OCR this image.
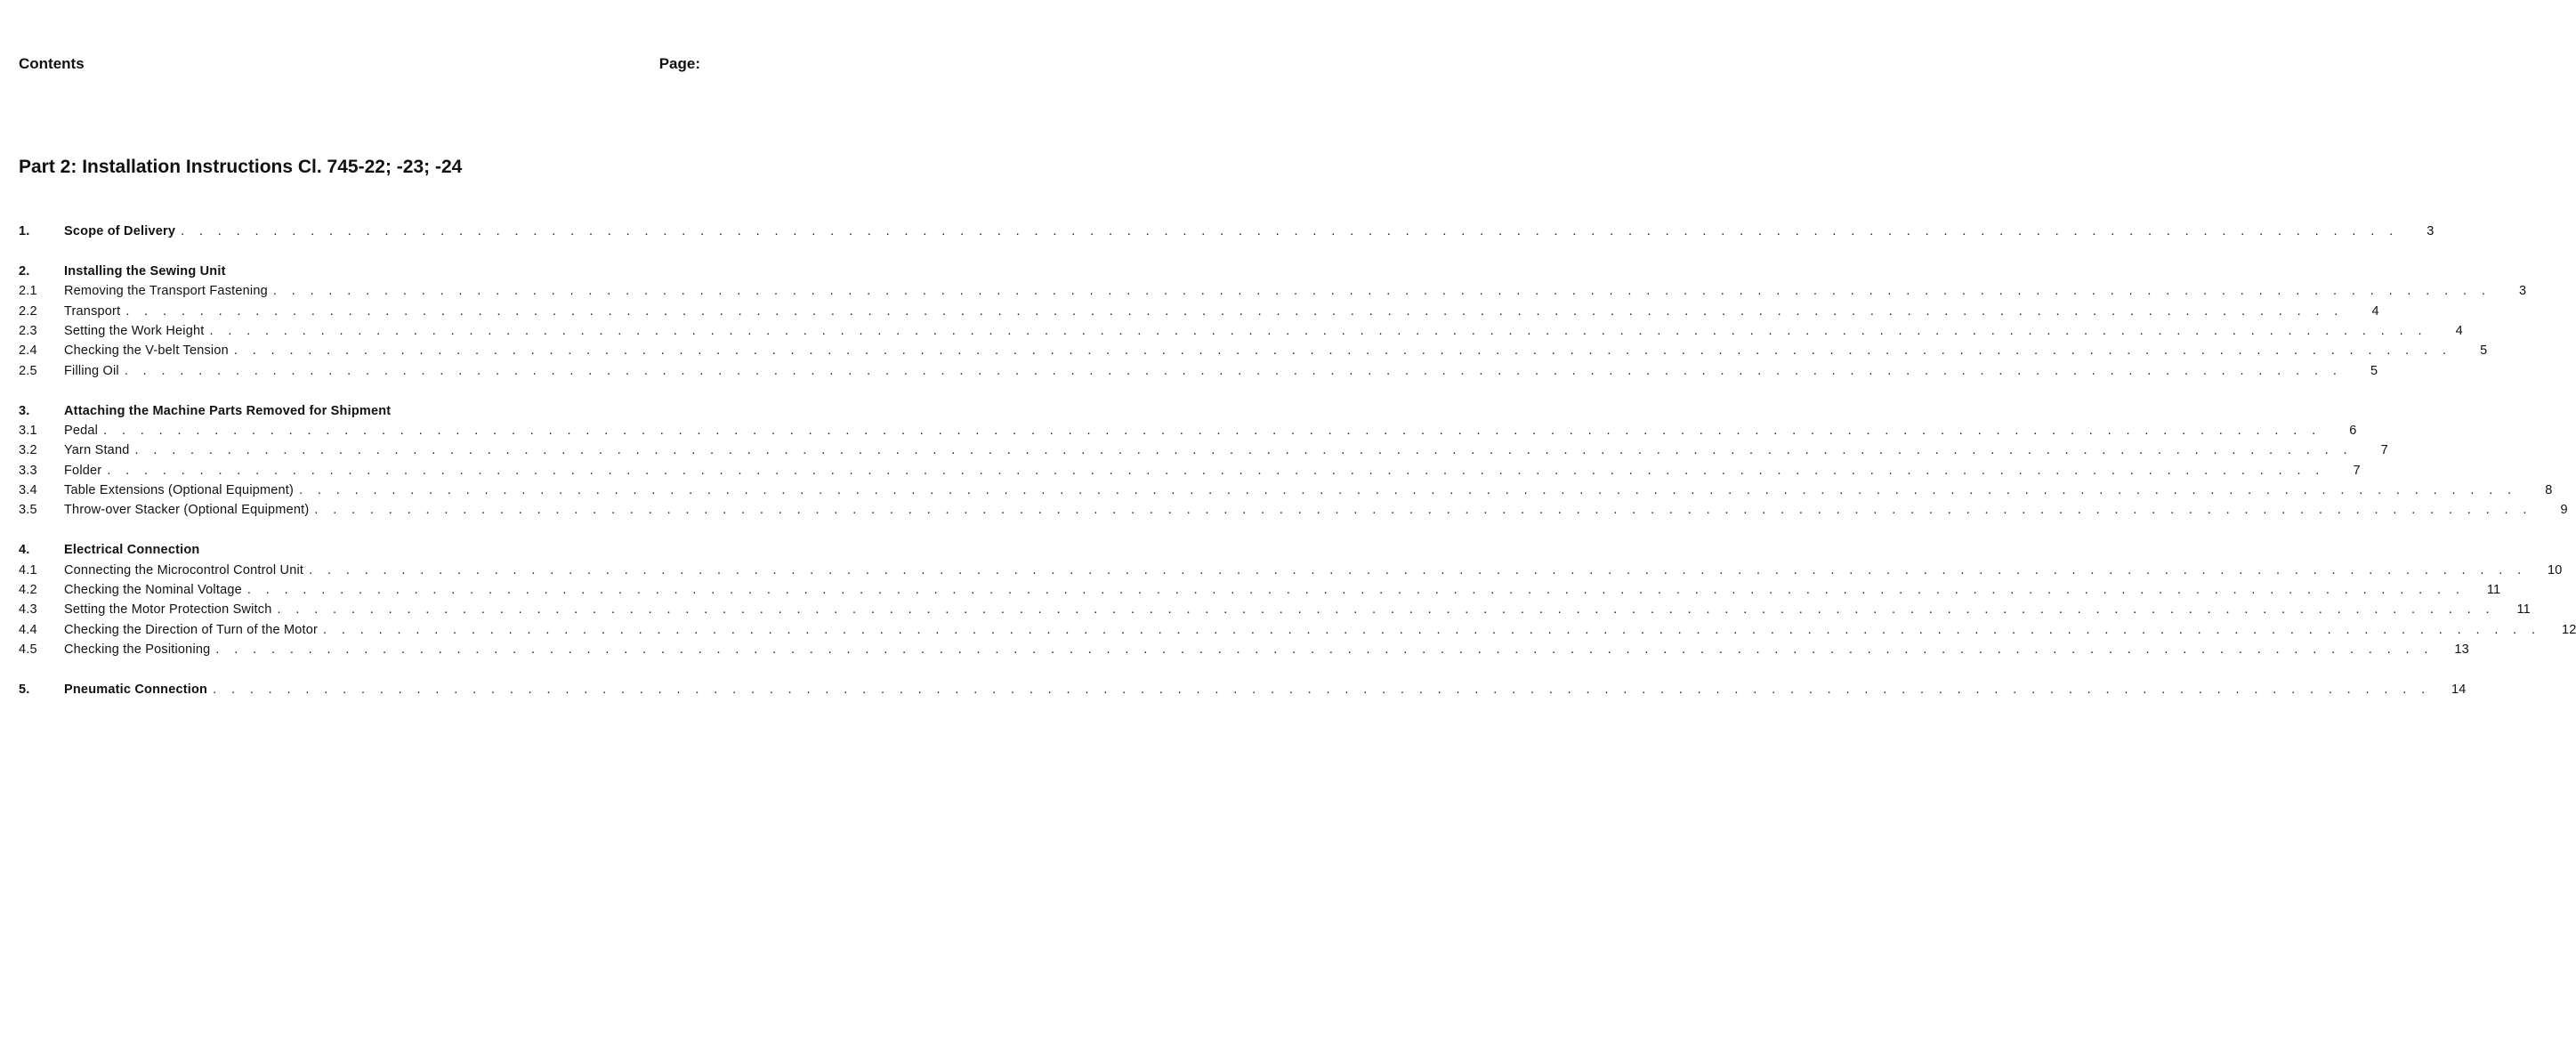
Contents	Page:
Part 2: Installation Instructions Cl. 745-22; -23; -24
1.	Scope of Delivery . . . . . . . . . . . . . . . . . . . . . . . . . . . . . . . . . . . . . . . . . . . . . . . . . . . . . . . . . . . . . . . . . . . . . . . . . . . . . . . . . . . . . . . . . . . . . . . . . . . . . . . . . . . . . . . . . . . . . . . .	3
2.	Installing the Sewing Unit
2.1	Removing the Transport Fastening . . . . . . . . . . . . . . . . . . . . . . . . . . . . . . . . . . . . . . . . . . . . . . . . . . . . . . . . . . . . . . . . . . . . . . . . . . . . . . . . . . . . . . . . . . . . . . . . . . . . . . . . . . . . . . . . . . . . . . . .	3
2.2	Transport . . . . . . . . . . . . . . . . . . . . . . . . . . . . . . . . . . . . . . . . . . . . . . . . . . . . . . . . . . . . . . . . . . . . . . . . . . . . . . . . . . . . . . . . . . . . . . . . . . . . . . . . . . . . . . . . . . . . . . . .	4
2.3	Setting the Work Height . . . . . . . . . . . . . . . . . . . . . . . . . . . . . . . . . . . . . . . . . . . . . . . . . . . . . . . . . . . . . . . . . . . . . . . . . . . . . . . . . . . . . . . . . . . . . . . . . . . . . . . . . . . . . . . . . . . . . . . .	4
2.4	Checking the V-belt Tension . . . . . . . . . . . . . . . . . . . . . . . . . . . . . . . . . . . . . . . . . . . . . . . . . . . . . . . . . . . . . . . . . . . . . . . . . . . . . . . . . . . . . . . . . . . . . . . . . . . . . . . . . . . . . . . . . . . . . . . .	5
2.5	Filling Oil . . . . . . . . . . . . . . . . . . . . . . . . . . . . . . . . . . . . . . . . . . . . . . . . . . . . . . . . . . . . . . . . . . . . . . . . . . . . . . . . . . . . . . . . . . . . . . . . . . . . . . . . . . . . . . . . . . . . . . . .	5
3.	Attaching the Machine Parts Removed for Shipment
3.1	Pedal . . . . . . . . . . . . . . . . . . . . . . . . . . . . . . . . . . . . . . . . . . . . . . . . . . . . . . . . . . . . . . . . . . . . . . . . . . . . . . . . . . . . . . . . . . . . . . . . . . . . . . . . . . . . . . . . . . . . . . . .	6
3.2	Yarn Stand . . . . . . . . . . . . . . . . . . . . . . . . . . . . . . . . . . . . . . . . . . . . . . . . . . . . . . . . . . . . . . . . . . . . . . . . . . . . . . . . . . . . . . . . . . . . . . . . . . . . . . . . . . . . . . . . . . . . . . . .	7
3.3	Folder . . . . . . . . . . . . . . . . . . . . . . . . . . . . . . . . . . . . . . . . . . . . . . . . . . . . . . . . . . . . . . . . . . . . . . . . . . . . . . . . . . . . . . . . . . . . . . . . . . . . . . . . . . . . . . . . . . . . . . . .	7
3.4	Table Extensions (Optional Equipment) . . . . . . . . . . . . . . . . . . . . . . . . . . . . . . . . . . . . . . . . . . . . . . . . . . . . . . . . . . . . . . . . . . . . . . . . . . . . . . . . . . . . . . . . . . . . . . . . . . . . . . . . . . . . . . . . . . . . . . . .	8
3.5	Throw-over Stacker (Optional Equipment) . . . . . . . . . . . . . . . . . . . . . . . . . . . . . . . . . . . . . . . . . . . . . . . . . . . . . . . . . . . . . . . . . . . . . . . . . . . . . . . . . . . . . . . . . . . . . . . . . . . . . . . . . . . . . . . . . . . . . . . .	9
4.	Electrical Connection
4.1	Connecting the Microcontrol Control Unit . . . . . . . . . . . . . . . . . . . . . . . . . . . . . . . . . . . . . . . . . . . . . . . . . . . . . . . . . . . . . . . . . . . . . . . . . . . . . . . . . . . . . . . . . . . . . . . . . . . . . . . . . . . . . . . . . . . . . . . .	10
4.2	Checking the Nominal Voltage . . . . . . . . . . . . . . . . . . . . . . . . . . . . . . . . . . . . . . . . . . . . . . . . . . . . . . . . . . . . . . . . . . . . . . . . . . . . . . . . . . . . . . . . . . . . . . . . . . . . . . . . . . . . . . . . . . . . . . . .	11
4.3	Setting the Motor Protection Switch . . . . . . . . . . . . . . . . . . . . . . . . . . . . . . . . . . . . . . . . . . . . . . . . . . . . . . . . . . . . . . . . . . . . . . . . . . . . . . . . . . . . . . . . . . . . . . . . . . . . . . . . . . . . . . . . . . . . . . . .	11
4.4	Checking the Direction of Turn of the Motor . . . . . . . . . . . . . . . . . . . . . . . . . . . . . . . . . . . . . . . . . . . . . . . . . . . . . . . . . . . . . . . . . . . . . . . . . . . . . . . . . . . . . . . . . . . . . . . . . . . . . . . . . . . . . . . . . . . . . . . .	12
4.5	Checking the Positioning . . . . . . . . . . . . . . . . . . . . . . . . . . . . . . . . . . . . . . . . . . . . . . . . . . . . . . . . . . . . . . . . . . . . . . . . . . . . . . . . . . . . . . . . . . . . . . . . . . . . . . . . . . . . . . . . . . . . . . . .	13
5.	Pneumatic Connection . . . . . . . . . . . . . . . . . . . . . . . . . . . . . . . . . . . . . . . . . . . . . . . . . . . . . . . . . . . . . . . . . . . . . . . . . . . . . . . . . . . . . . . . . . . . . . . . . . . . . . . . . . . . . . . . . . . . . . . .	14
